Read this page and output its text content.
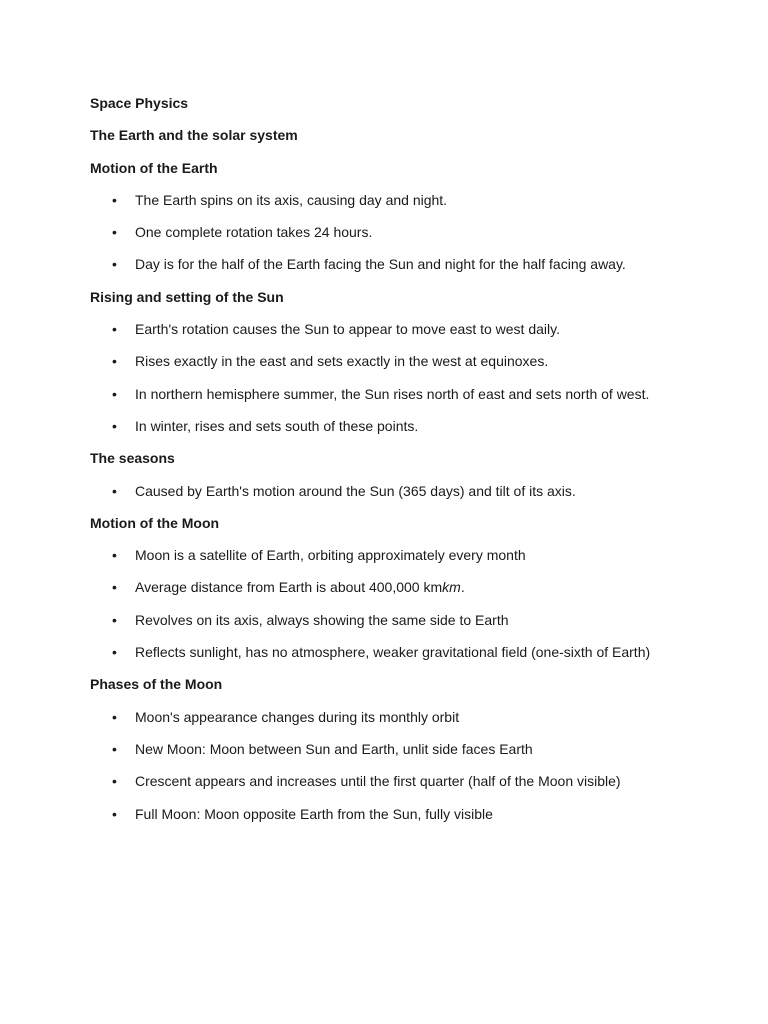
Space Physics
The Earth and the solar system
Motion of the Earth
• The Earth spins on its axis, causing day and night.
• One complete rotation takes 24 hours.
• Day is for the half of the Earth facing the Sun and night for the half facing away.
Rising and setting of the Sun
• Earth's rotation causes the Sun to appear to move east to west daily.
• Rises exactly in the east and sets exactly in the west at equinoxes.
• In northern hemisphere summer, the Sun rises north of east and sets north of west.
• In winter, rises and sets south of these points.
The seasons
• Caused by Earth's motion around the Sun (365 days) and tilt of its axis.
Motion of the Moon
• Moon is a satellite of Earth, orbiting approximately every month
• Average distance from Earth is about 400,000 kmkm.
• Revolves on its axis, always showing the same side to Earth
• Reflects sunlight, has no atmosphere, weaker gravitational field (one-sixth of Earth)
Phases of the Moon
• Moon's appearance changes during its monthly orbit
• New Moon: Moon between Sun and Earth, unlit side faces Earth
• Crescent appears and increases until the first quarter (half of the Moon visible)
• Full Moon: Moon opposite Earth from the Sun, fully visible
